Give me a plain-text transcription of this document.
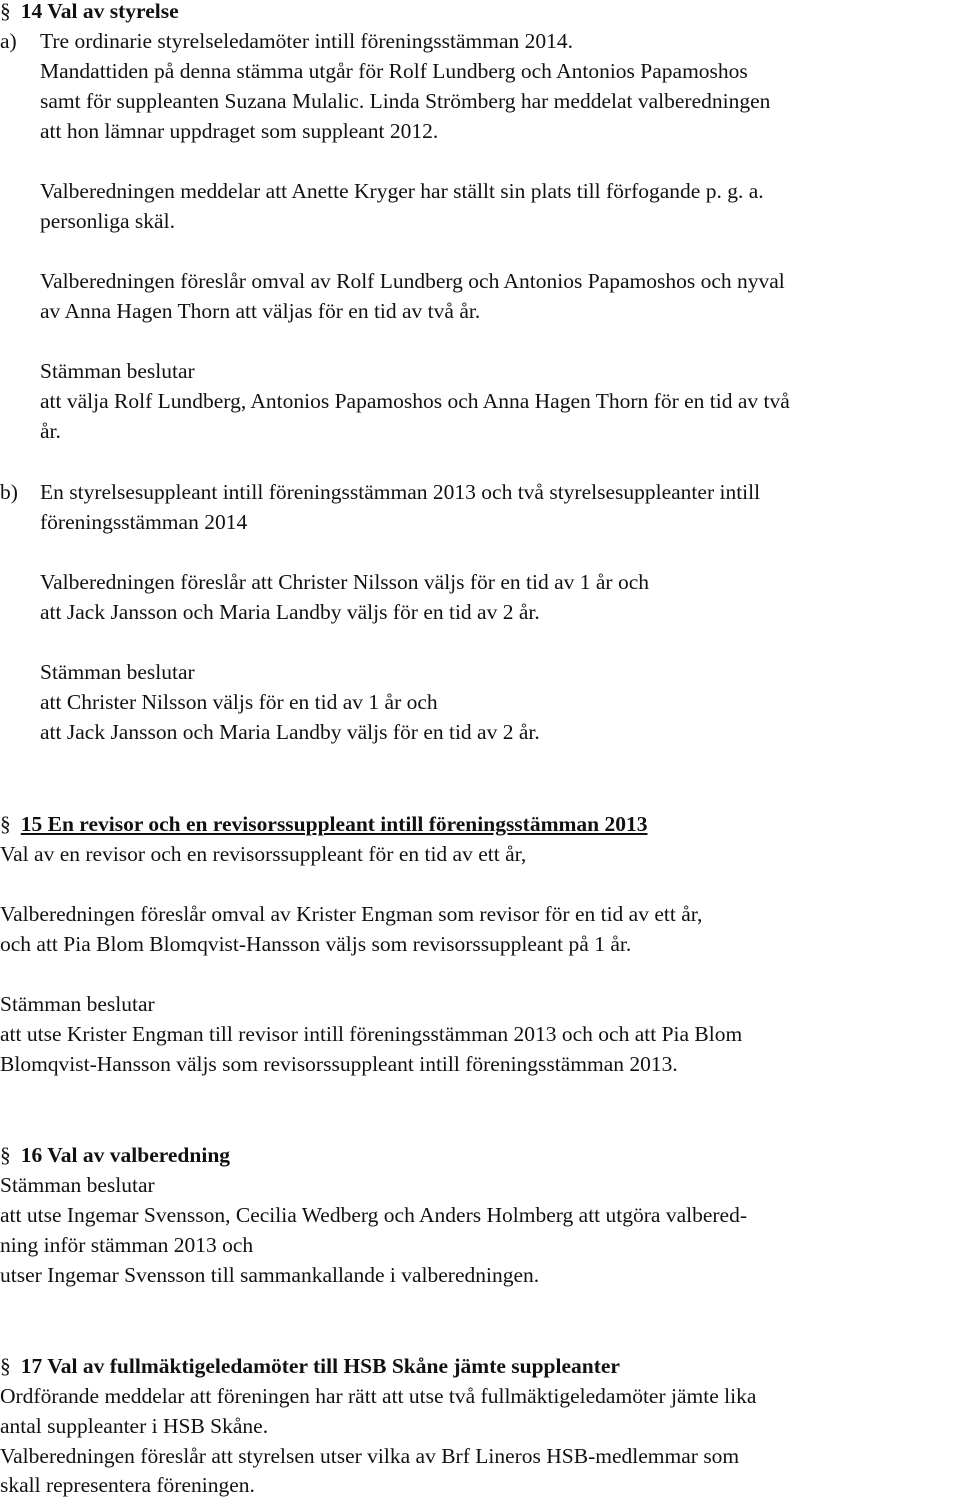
§ 14 Val av styrelse
a) Tre ordinarie styrelseledamöter intill föreningsstämman 2014.
Mandattiden på denna stämma utgår för Rolf Lundberg och Antonios Papamoshos
samt för suppleanten Suzana Mulalic. Linda Strömberg har meddelat valberedningen
att hon lämnar uppdraget som suppleant 2012.
Valberedningen meddelar att Anette Kryger har ställt sin plats till förfogande p. g. a.
personliga skäl.
Valberedningen föreslår omval av Rolf Lundberg och Antonios Papamoshos och nyval
av Anna Hagen Thorn att väljas för en tid av två år.
Stämman beslutar
att välja Rolf Lundberg, Antonios Papamoshos och Anna Hagen Thorn för en tid av två
år.
b) En styrelsesuppleant intill föreningsstämman 2013 och två styrelsesuppleanter intill
föreningsstämman 2014
Valberedningen föreslår att Christer Nilsson väljs för en tid av 1 år och
att Jack Jansson och Maria Landby väljs för en tid av 2 år.
Stämman beslutar
att Christer Nilsson väljs för en tid av 1 år och
att Jack Jansson och Maria Landby väljs för en tid av 2 år.
§ 15 En revisor och en revisorssuppleant intill föreningsstämman 2013
Val av en revisor och en revisorssuppleant för en tid av ett år,
Valberedningen föreslår omval av Krister Engman som revisor för en tid av ett år,
och att Pia Blom Blomqvist-Hansson väljs som revisorssuppleant på 1 år.
Stämman beslutar
att utse Krister Engman till revisor intill föreningsstämman 2013 och och att Pia Blom
Blomqvist-Hansson väljs som revisorssuppleant intill föreningsstämman 2013.
§ 16 Val av valberedning
Stämman beslutar
att utse Ingemar Svensson, Cecilia Wedberg och Anders Holmberg att utgöra valbered-
ning inför stämman 2013 och
utser Ingemar Svensson till sammankallande i valberedningen.
§ 17 Val av fullmäktigeledamöter till HSB Skåne jämte suppleanter
Ordförande meddelar att föreningen har rätt att utse två fullmäktigeledamöter jämte lika
antal suppleanter i HSB Skåne.
Valberedningen föreslår att styrelsen utser vilka av Brf Lineros HSB-medlemmar som
skall representera föreningen.
